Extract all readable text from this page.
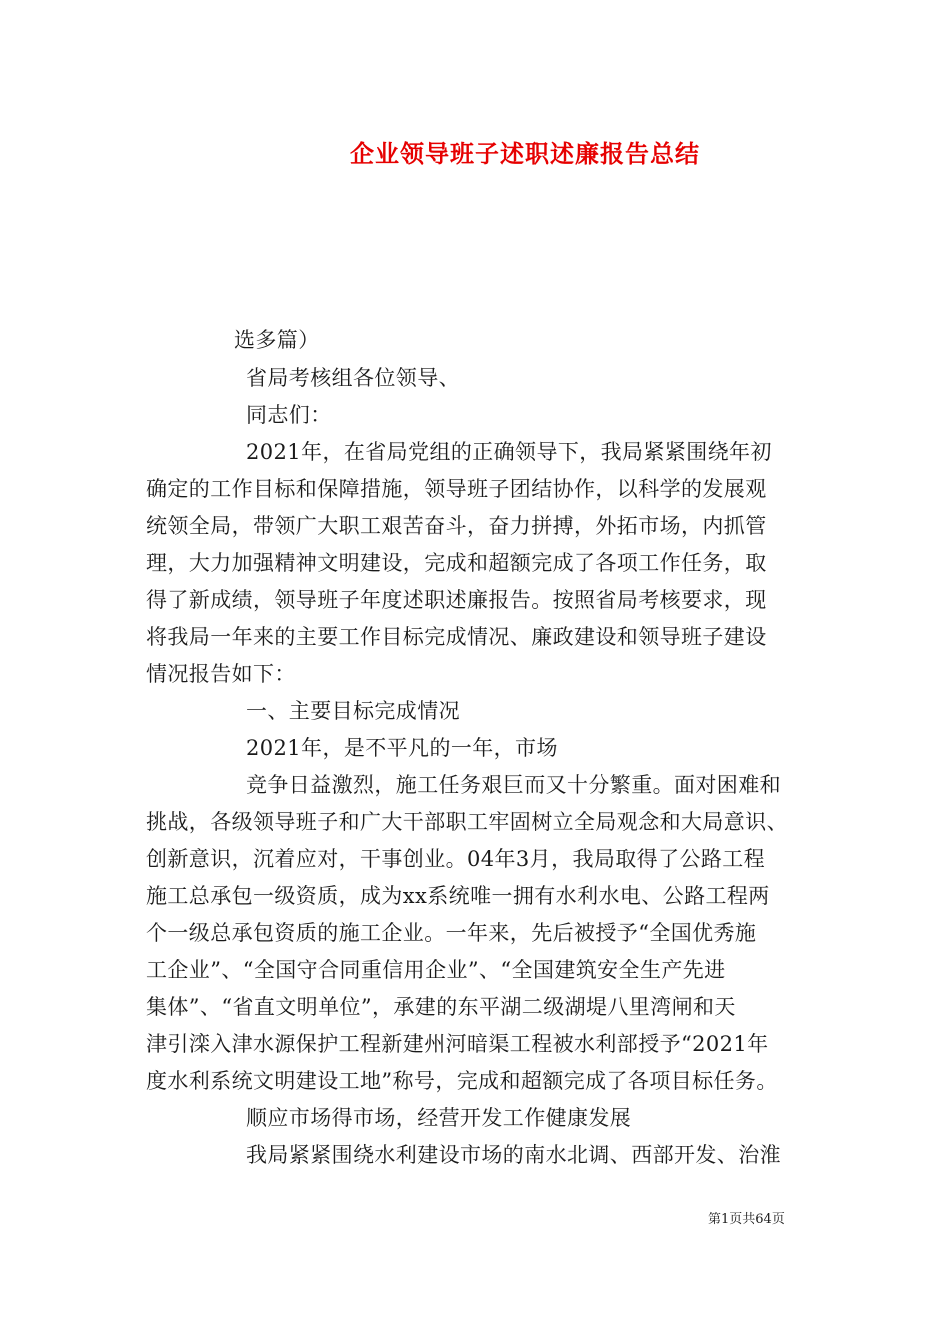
企业领导班子述职述廉报告总结
选多篇）
省局考核组各位领导、
同志们：
2021年，在省局党组的正确领导下，我局紧紧围绕年初
确定的工作目标和保障措施，领导班子团结协作，以科学的发展观
统领全局，带领广大职工艰苦奋斗，奋力拼搏，外拓市场，内抓管
理，大力加强精神文明建设，完成和超额完成了各项工作任务，取
得了新成绩，领导班子年度述职述廉报告。按照省局考核要求，现
将我局一年来的主要工作目标完成情况、廉政建设和领导班子建设
情况报告如下：
一、主要目标完成情况
2021年，是不平凡的一年，市场
竞争日益激烈，施工任务艰巨而又十分繁重。面对困难和
挑战，各级领导班子和广大干部职工牢固树立全局观念和大局意识、
创新意识，沉着应对，干事创业。04年3月，我局取得了公路工程
施工总承包一级资质，成为xx系统唯一拥有水利水电、公路工程两
个一级总承包资质的施工企业。一年来，先后被授予“全国优秀施
工企业”、“全国守合同重信用企业”、“全国建筑安全生产先进
集体”、“省直文明单位”，承建的东平湖二级湖堤八里湾闸和天
津引滦入津水源保护工程新建州河暗渠工程被水利部授予“2021年
度水利系统文明建设工地”称号，完成和超额完成了各项目标任务。
顺应市场得市场，经营开发工作健康发展
我局紧紧围绕水利建设市场的南水北调、西部开发、治淮
第1页共64页
